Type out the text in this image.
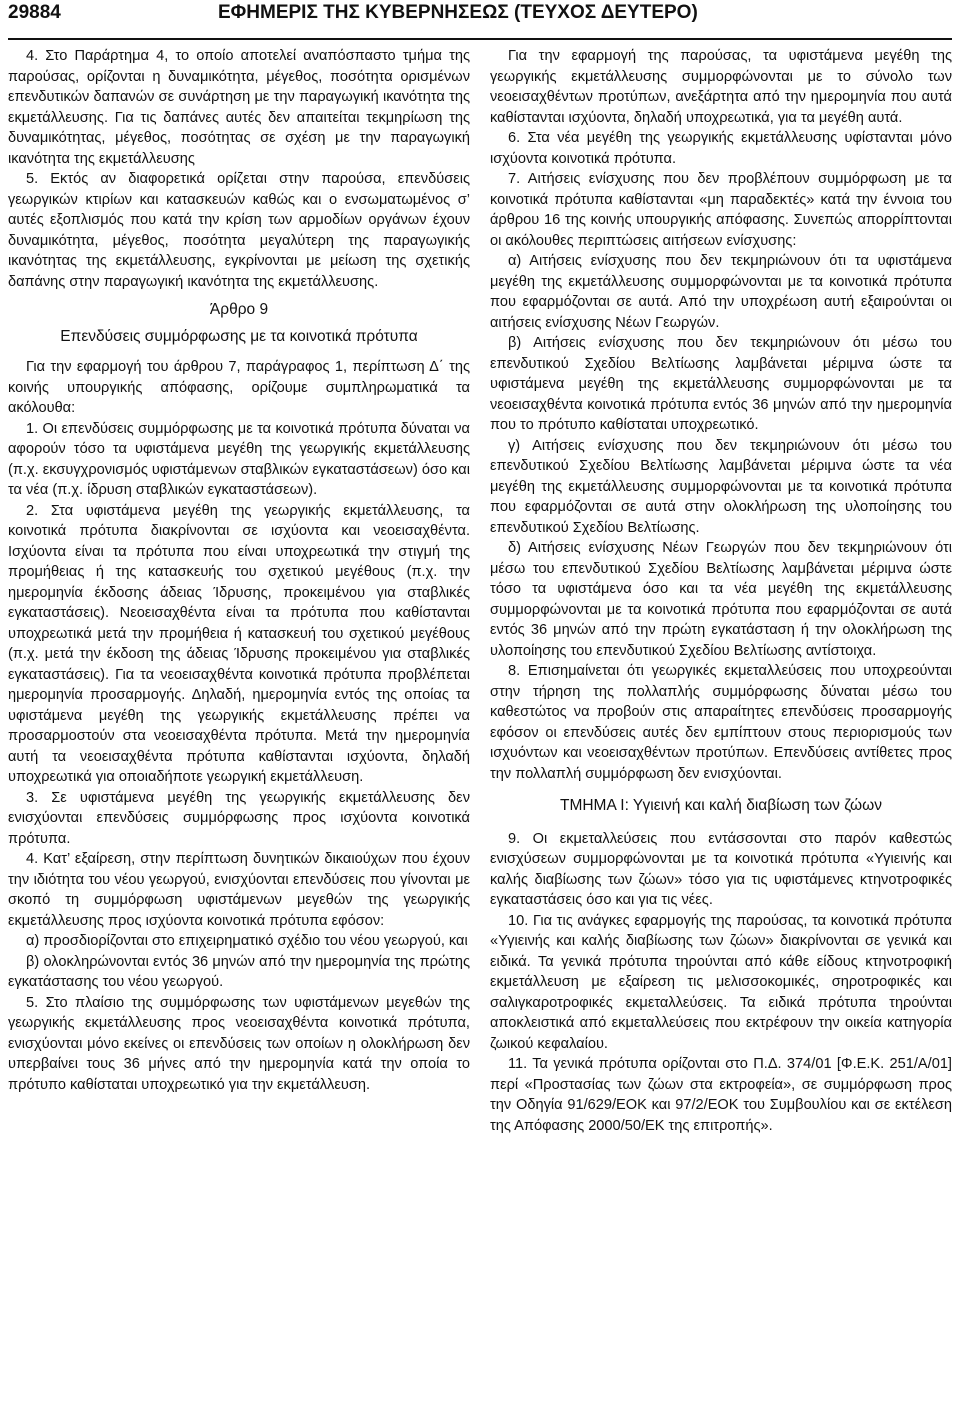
29884	ΕΦΗΜΕΡΙΣ ΤΗΣ ΚΥΒΕΡΝΗΣΕΩΣ (ΤΕΥΧΟΣ ΔΕΥΤΕΡΟ)

4. Στο Παράρτημα 4, το οποίο αποτελεί αναπόσπαστο τμήμα της παρούσας, ορίζονται η δυναμικότητα, μέγεθος, ποσότητα ορισμένων επενδυτικών δαπανών σε συνάρτηση με την παραγωγική ικανότητα της εκμετάλλευσης. Για τις δαπάνες αυτές δεν απαιτείται τεκμηρίωση της δυναμικότητας, μέγεθος, ποσότητας σε σχέση με την παραγωγική ικανότητα της εκμετάλλευσης

5. Εκτός αν διαφορετικά ορίζεται στην παρούσα, επενδύσεις γεωργικών κτιρίων και κατασκευών καθώς και ο ενσωματωμένος σ’ αυτές εξοπλισμός που κατά την κρίση των αρμοδίων οργάνων έχουν δυναμικότητα, μέγεθος, ποσότητα μεγαλύτερη της παραγωγικής ικανότητας της εκμετάλλευσης, εγκρίνονται με μείωση της σχετικής δαπάνης στην παραγωγική ικανότητα της εκμετάλλευσης.

Άρθρο 9
Επενδύσεις συμμόρφωσης με τα κοινοτικά πρότυπα

Για την εφαρμογή του άρθρου 7, παράγραφος 1, περίπτωση Δ΄ της κοινής υπουργικής απόφασης, ορίζουμε συμπληρωματικά τα ακόλουθα:

1. Οι επενδύσεις συμμόρφωσης με τα κοινοτικά πρότυπα δύναται να αφορούν τόσο τα υφιστάμενα μεγέθη της γεωργικής εκμετάλλευσης (π.χ. εκσυγχρονισμός υφιστάμενων σταβλικών εγκαταστάσεων) όσο και τα νέα (π.χ. ίδρυση σταβλικών εγκαταστάσεων).

2. Στα υφιστάμενα μεγέθη της γεωργικής εκμετάλλευσης, τα κοινοτικά πρότυπα διακρίνονται σε ισχύοντα και νεοεισαχθέντα. Ισχύοντα είναι τα πρότυπα που είναι υποχρεωτικά την στιγμή της προμήθειας ή της κατασκευής του σχετικού μεγέθους (π.χ. την ημερομηνία έκδοσης άδειας Ίδρυσης, προκειμένου για σταβλικές εγκαταστάσεις). Νεοεισαχθέντα είναι τα πρότυπα που καθίστανται υποχρεωτικά μετά την προμήθεια ή κατασκευή του σχετικού μεγέθους (π.χ. μετά την έκδοση της άδειας Ίδρυσης προκειμένου για σταβλικές εγκαταστάσεις). Για τα νεοεισαχθέντα κοινοτικά πρότυπα προβλέπεται ημερομηνία προσαρμογής. Δηλαδή, ημερομηνία εντός της οποίας τα υφιστάμενα μεγέθη της γεωργικής εκμετάλλευσης πρέπει να προσαρμοστούν στα νεοεισαχθέντα πρότυπα. Μετά την ημερομηνία αυτή τα νεοεισαχθέντα πρότυπα καθίστανται ισχύοντα, δηλαδή υποχρεωτικά για οποιαδήποτε γεωργική εκμετάλλευση.

3. Σε υφιστάμενα μεγέθη της γεωργικής εκμετάλλευσης δεν ενισχύονται επενδύσεις συμμόρφωσης προς ισχύοντα κοινοτικά πρότυπα.

4. Κατ’ εξαίρεση, στην περίπτωση δυνητικών δικαιούχων που έχουν την ιδιότητα του νέου γεωργού, ενισχύονται επενδύσεις που γίνονται με σκοπό τη συμμόρφωση υφιστάμενων μεγεθών της γεωργικής εκμετάλλευσης προς ισχύοντα κοινοτικά πρότυπα εφόσον:

α) προσδιορίζονται στο επιχειρηματικό σχέδιο του νέου γεωργού, και

β) ολοκληρώνονται εντός 36 μηνών από την ημερομηνία της πρώτης εγκατάστασης του νέου γεωργού.

5. Στο πλαίσιο της συμμόρφωσης των υφιστάμενων μεγεθών της γεωργικής εκμετάλλευσης προς νεοεισαχθέντα κοινοτικά πρότυπα, ενισχύονται μόνο εκείνες οι επενδύσεις των οποίων η ολοκλήρωση δεν υπερβαίνει τους 36 μήνες από την ημερομηνία κατά την οποία το πρότυπο καθίσταται υποχρεωτικό για την εκμετάλλευση.

Για την εφαρμογή της παρούσας, τα υφιστάμενα μεγέθη της γεωργικής εκμετάλλευσης συμμορφώνονται με το σύνολο των νεοεισαχθέντων προτύπων, ανεξάρτητα από την ημερομηνία που αυτά καθίστανται ισχύοντα, δηλαδή υποχρεωτικά, για τα μεγέθη αυτά.

6. Στα νέα μεγέθη της γεωργικής εκμετάλλευσης υφίστανται μόνο ισχύοντα κοινοτικά πρότυπα.

7. Αιτήσεις ενίσχυσης που δεν προβλέπουν συμμόρφωση με τα κοινοτικά πρότυπα καθίστανται «μη παραδεκτές» κατά την έννοια του άρθρου 16 της κοινής υπουργικής απόφασης. Συνεπώς απορρίπτονται οι ακόλουθες περιπτώσεις αιτήσεων ενίσχυσης:

α) Αιτήσεις ενίσχυσης που δεν τεκμηριώνουν ότι τα υφιστάμενα μεγέθη της εκμετάλλευσης συμμορφώνονται με τα κοινοτικά πρότυπα που εφαρμόζονται σε αυτά. Από την υποχρέωση αυτή εξαιρούνται οι αιτήσεις ενίσχυσης Νέων Γεωργών.

β) Αιτήσεις ενίσχυσης που δεν τεκμηριώνουν ότι μέσω του επενδυτικού Σχεδίου Βελτίωσης λαμβάνεται μέριμνα ώστε τα υφιστάμενα μεγέθη της εκμετάλλευσης συμμορφώνονται με τα νεοεισαχθέντα κοινοτικά πρότυπα εντός 36 μηνών από την ημερομηνία που το πρότυπο καθίσταται υποχρεωτικό.

γ) Αιτήσεις ενίσχυσης που δεν τεκμηριώνουν ότι μέσω του επενδυτικού Σχεδίου Βελτίωσης λαμβάνεται μέριμνα ώστε τα νέα μεγέθη της εκμετάλλευσης συμμορφώνονται με τα κοινοτικά πρότυπα που εφαρμόζονται σε αυτά στην ολοκλήρωση της υλοποίησης του επενδυτικού Σχεδίου Βελτίωσης.

δ) Αιτήσεις ενίσχυσης Νέων Γεωργών που δεν τεκμηριώνουν ότι μέσω του επενδυτικού Σχεδίου Βελτίωσης λαμβάνεται μέριμνα ώστε τόσο τα υφιστάμενα όσο και τα νέα μεγέθη της εκμετάλλευσης συμμορφώνονται με τα κοινοτικά πρότυπα που εφαρμόζονται σε αυτά εντός 36 μηνών από την πρώτη εγκατάσταση ή την ολοκλήρωση της υλοποίησης του επενδυτικού Σχεδίου Βελτίωσης αντίστοιχα.

8. Επισημαίνεται ότι γεωργικές εκμεταλλεύσεις που υποχρεούνται στην τήρηση της πολλαπλής συμμόρφωσης δύναται μέσω του καθεστώτος να προβούν στις απαραίτητες επενδύσεις προσαρμογής εφόσον οι επενδύσεις αυτές δεν εμπίπτουν στους περιορισμούς των ισχυόντων και νεοεισαχθέντων προτύπων. Επενδύσεις αντίθετες προς την πολλαπλή συμμόρφωση δεν ενισχύονται.

ΤΜΗΜΑ Ι: Υγιεινή και καλή διαβίωση των ζώων

9. Οι εκμεταλλεύσεις που εντάσσονται στο παρόν καθεστώς ενισχύσεων συμμορφώνονται με τα κοινοτικά πρότυπα «Υγιεινής και καλής διαβίωσης των ζώων» τόσο για τις υφιστάμενες κτηνοτροφικές εγκαταστάσεις όσο και για τις νέες.

10. Για τις ανάγκες εφαρμογής της παρούσας, τα κοινοτικά πρότυπα «Υγιεινής και καλής διαβίωσης των ζώων» διακρίνονται σε γενικά και ειδικά. Τα γενικά πρότυπα τηρούνται από κάθε είδους κτηνοτροφική εκμετάλλευση με εξαίρεση τις μελισσοκομικές, σηροτροφικές και σαλιγκαροτροφικές εκμεταλλεύσεις. Τα ειδικά πρότυπα τηρούνται αποκλειστικά από εκμεταλλεύσεις που εκτρέφουν την οικεία κατηγορία ζωικού κεφαλαίου.

11. Τα γενικά πρότυπα ορίζονται στο Π.Δ. 374/01 [Φ.Ε.Κ. 251/Α/01] περί «Προστασίας των ζώων στα εκτροφεία», σε συμμόρφωση προς την Οδηγία 91/629/ΕΟΚ και 97/2/ΕΟΚ του Συμβουλίου και σε εκτέλεση της Απόφασης 2000/50/ΕΚ της επιτροπής».
